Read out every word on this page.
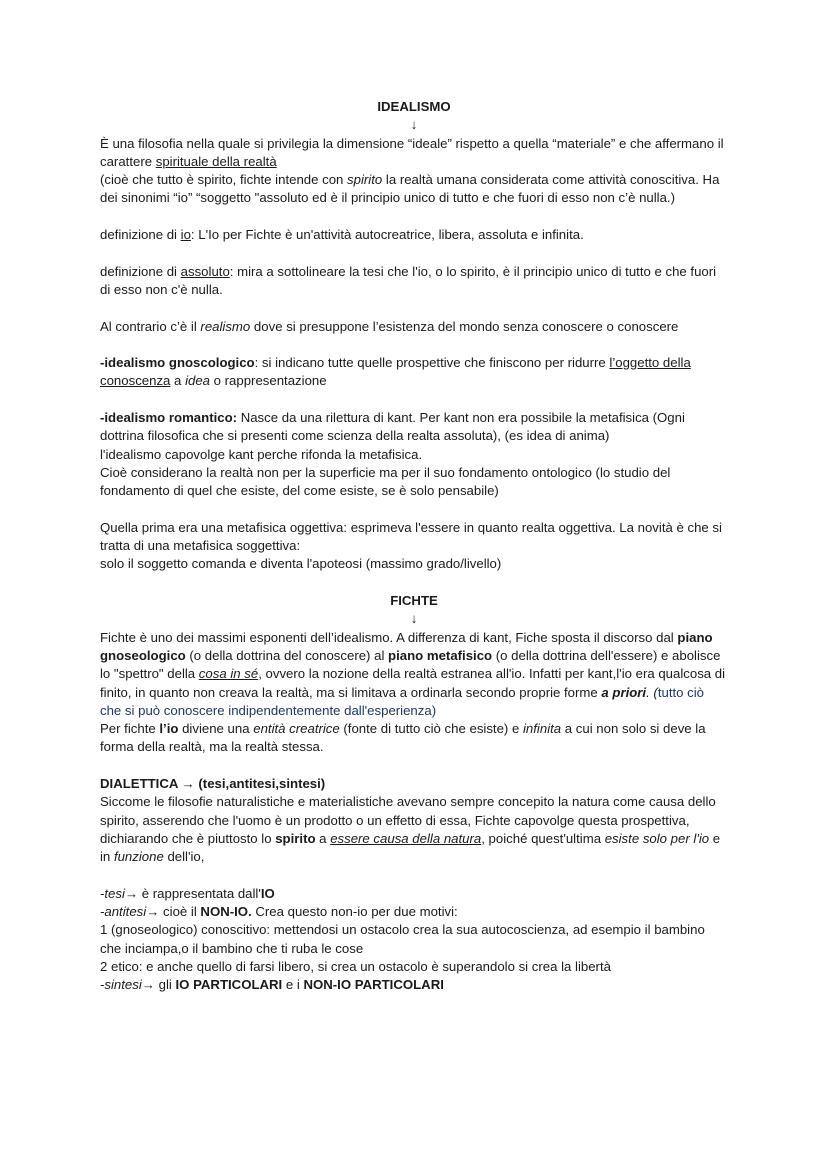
IDEALISMO

↓

È una filosofia nella quale si privilegia la dimensione “ideale” rispetto a quella “materiale” e che affermano il carattere spirituale della realtà

(cioè che tutto è spirito, fichte intende con spirito la realtà umana considerata come attività conoscitiva. Ha dei sinonimi “io” “soggetto "assoluto ed è il principio unico di tutto e che fuori di esso non c’è nulla.)

definizione di io: L'Io per Fichte è un'attività autocreatrice, libera, assoluta e infinita.

definizione di assoluto: mira a sottolineare la tesi che l'io, o lo spirito, è il principio unico di tutto e che fuori di esso non c'è nulla.

Al contrario c’è il realismo dove si presuppone l’esistenza del mondo senza conoscere o conoscere

-idealismo gnoscologico: si indicano tutte quelle prospettive che finiscono per ridurre l’oggetto della conoscenza a idea o rappresentazione

-idealismo romantico: Nasce da una rilettura di kant. Per kant non era possibile la metafisica (Ogni dottrina filosofica che si presenti come scienza della realta assoluta), (es idea di anima)

l'idealismo capovolge kant perche rifonda la metafisica.

Cioè considerano la realtà non per la superficie ma per il suo fondamento ontologico (lo studio del fondamento di quel che esiste, del come esiste, se è solo pensabile)

Quella prima era una metafisica oggettiva: esprimeva l'essere in quanto realta oggettiva. La novità è che si tratta di una metafisica soggettiva:

solo il soggetto comanda e diventa l'apoteosi (massimo grado/livello)

FICHTE

↓

Fichte è uno dei massimi esponenti dell’idealismo. A differenza di kant, Fiche sposta il discorso dal piano gnoseologico (o della dottrina del conoscere) al piano metafisico (o della dottrina dell'essere) e abolisce lo "spettro" della cosa in sé, ovvero la nozione della realtà estranea all'io. Infatti per kant,l'io era qualcosa di finito, in quanto non creava la realtà, ma si limitava a ordinarla secondo proprie forme a priori. (tutto ciò che si può conoscere indipendentemente dall'esperienza)

Per fichte l’io diviene una entità creatrice (fonte di tutto ciò che esiste) e infinita a cui non solo si deve la forma della realtà, ma la realtà stessa.

DIALETTICA → (tesi,antitesi,sintesi)

Siccome le filosofie naturalistiche e materialistiche avevano sempre concepito la natura come causa dello spirito, asserendo che l'uomo è un prodotto o un effetto di essa, Fichte capovolge questa prospettiva, dichiarando che è piuttosto lo spirito a essere causa della natura, poiché quest'ultima esiste solo per l'io e in funzione dell'io,

-tesi→ è rappresentata dall'IO

-antitesi→ cioè il NON-IO. Crea questo non-io per due motivi:

1 (gnoseologico) conoscitivo: mettendosi un ostacolo crea la sua autocoscienza, ad esempio il bambino che inciampa,o il bambino che ti ruba le cose

2 etico: e anche quello di farsi libero, si crea un ostacolo è superandolo si crea la libertà

-sintesi→ gli IO PARTICOLARI e i NON-IO PARTICOLARI
